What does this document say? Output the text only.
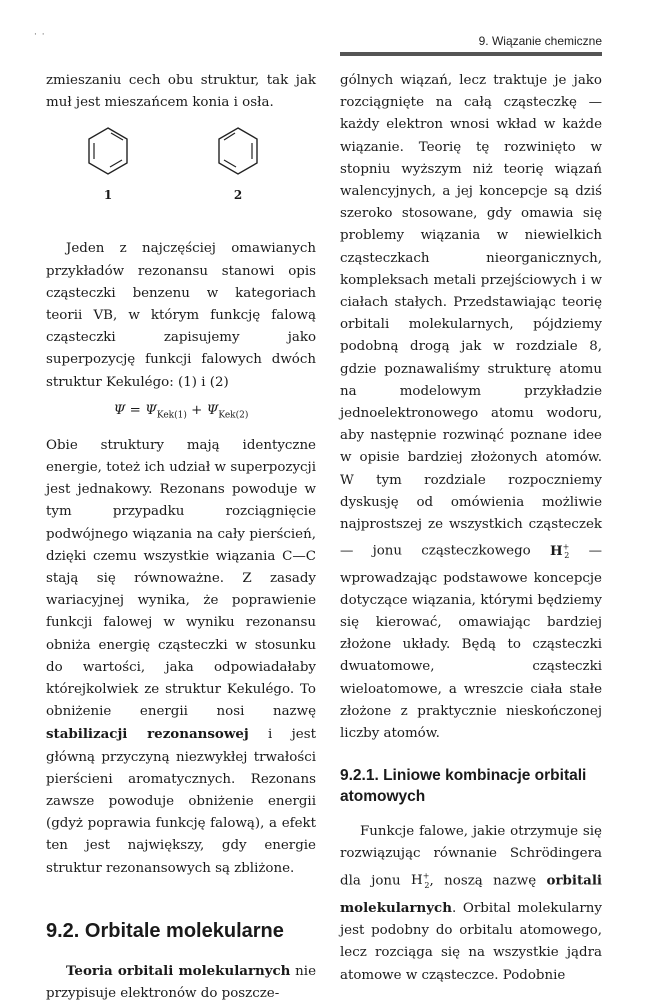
· ·	9. Wiązanie chemiczne

zmieszaniu cech obu struktur, tak jak muł jest mieszańcem konia i osła.

1	2

Jeden z najczęściej omawianych przykładów rezonansu stanowi opis cząsteczki benzenu w kategoriach teorii VB, w którym funkcję falową cząsteczki zapisujemy jako superpozycję funkcji falowych dwóch struktur Kekulégo: (1) i (2)

$\Psi = \Psi_{Kek(1)} + \Psi_{Kek(2)}$

Obie struktury mają identyczne energie, toteż ich udział w superpozycji jest jednakowy. Rezonans powoduje w tym przypadku rozciągnięcie podwójnego wiązania na cały pierścień, dzięki czemu wszystkie wiązania C—C stają się równoważne. Z zasady wariacyjnej wynika, że poprawienie funkcji falowej w wyniku rezonansu obniża energię cząsteczki w stosunku do wartości, jaka odpowiadałaby którejkolwiek ze struktur Kekulégo. To obniżenie energii nosi nazwę stabilizacji rezonansowej i jest główną przyczyną niezwykłej trwałości pierścieni aromatycznych. Rezonans zawsze powoduje obniżenie energii (gdyż poprawia funkcję falową), a efekt ten jest największy, gdy energie struktur rezonansowych są zbliżone.

9.2. Orbitale molekularne

Teoria orbitali molekularnych nie przypisuje elektronów do poszcze-

gólnych wiązań, lecz traktuje je jako rozciągnięte na całą cząsteczkę — każdy elektron wnosi wkład w każde wiązanie. Teorię tę rozwinięto w stopniu wyższym niż teorię wiązań walencyjnych, a jej koncepcje są dziś szeroko stosowane, gdy omawia się problemy wiązania w niewielkich cząsteczkach nieorganicznych, kompleksach metali przejściowych i w ciałach stałych. Przedstawiając teorię orbitali molekularnych, pójdziemy podobną drogą jak w rozdziale 8, gdzie poznawaliśmy strukturę atomu na modelowym przykładzie jednoelektronowego atomu wodoru, aby następnie rozwinąć poznane idee w opisie bardziej złożonych atomów. W tym rozdziale rozpoczniemy dyskusję od omówienia możliwie najprostszej ze wszystkich cząsteczek — jonu cząsteczkowego $H^+_2$ — wprowadzając podstawowe koncepcje dotyczące wiązania, którymi będziemy się kierować, omawiając bardziej złożone układy. Będą to cząsteczki dwuatomowe, cząsteczki wieloatomowe, a wreszcie ciała stałe złożone z praktycznie nieskończonej liczby atomów.

9.2.1. Liniowe kombinacje orbitali atomowych

Funkcje falowe, jakie otrzymuje się rozwiązując równanie Schrödingera dla jonu $H^+_2$, noszą nazwę orbitali molekularnych. Orbital molekularny jest podobny do orbitalu atomowego, lecz rozciąga się na wszystkie jądra atomowe w cząsteczce. Podobnie
